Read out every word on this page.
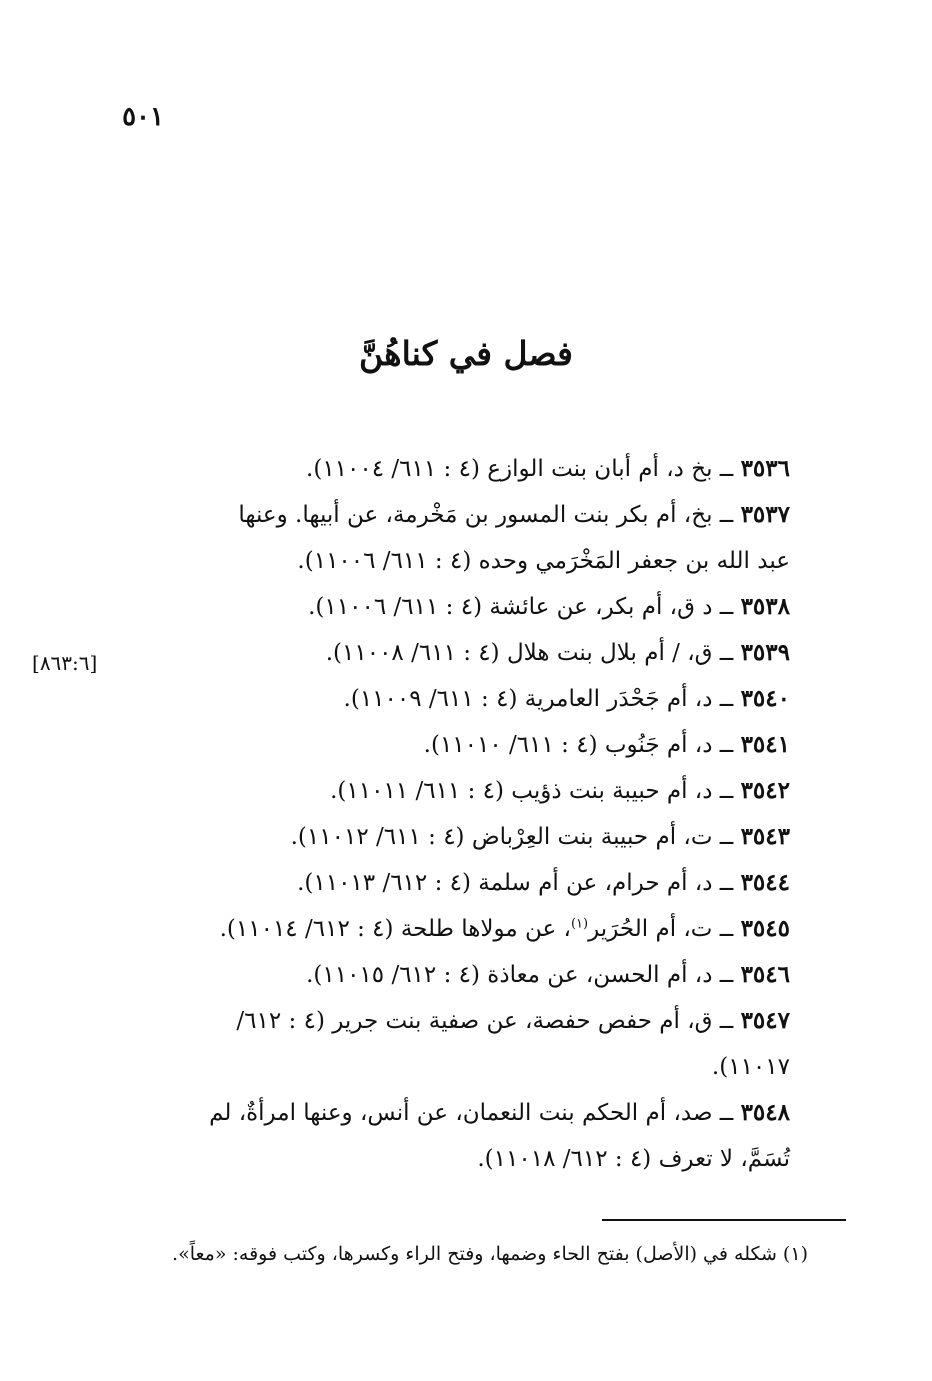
٥٠١
فصل في كناهُنَّ
[٨٦٣:٦]

٣٥٣٦ ــ بخ د، أم أبان بنت الوازع (٤ : ٦١١/ ١١٠٠٤).

٣٥٣٧ ــ بخ، أم بكر بنت المسور بن مَخْرمة، عن أبيها. وعنها
عبد الله بن جعفر المَخْرَمي وحده (٤ : ٦١١/ ١١٠٠٦).

٣٥٣٨ ــ د ق، أم بكر، عن عائشة (٤ : ٦١١/ ١١٠٠٦).

٣٥٣٩ ــ ق، / أم بلال بنت هلال (٤ : ٦١١/ ١١٠٠٨).

٣٥٤٠ ــ د، أم جَحْدَر العامرية (٤ : ٦١١/ ١١٠٠٩).

٣٥٤١ ــ د، أم جَنُوب (٤ : ٦١١/ ١١٠١٠).

٣٥٤٢ ــ د، أم حبيبة بنت ذؤيب (٤ : ٦١١/ ١١٠١١).

٣٥٤٣ ــ ت، أم حبيبة بنت العِرْباض (٤ : ٦١١/ ١١٠١٢).

٣٥٤٤ ــ د، أم حرام، عن أم سلمة (٤ : ٦١٢/ ١١٠١٣).

٣٥٤٥ ــ ت، أم الحُرَير$^{(١)}$، عن مولاها طلحة (٤ : ٦١٢/ ١١٠١٤).

٣٥٤٦ ــ د، أم الحسن، عن معاذة (٤ : ٦١٢/ ١١٠١٥).

٣٥٤٧ ــ ق، أم حفص حفصة، عن صفية بنت جرير (٤ : ٦١٢/
١١٠١٧).

٣٥٤٨ ــ صد، أم الحكم بنت النعمان، عن أنس، وعنها امرأةٌ، لم
تُسَمَّ، لا تعرف (٤ : ٦١٢/ ١١٠١٨).

(١) شكله في (الأصل) بفتح الحاء وضمها، وفتح الراء وكسرها، وكتب فوقه: «معاً».
